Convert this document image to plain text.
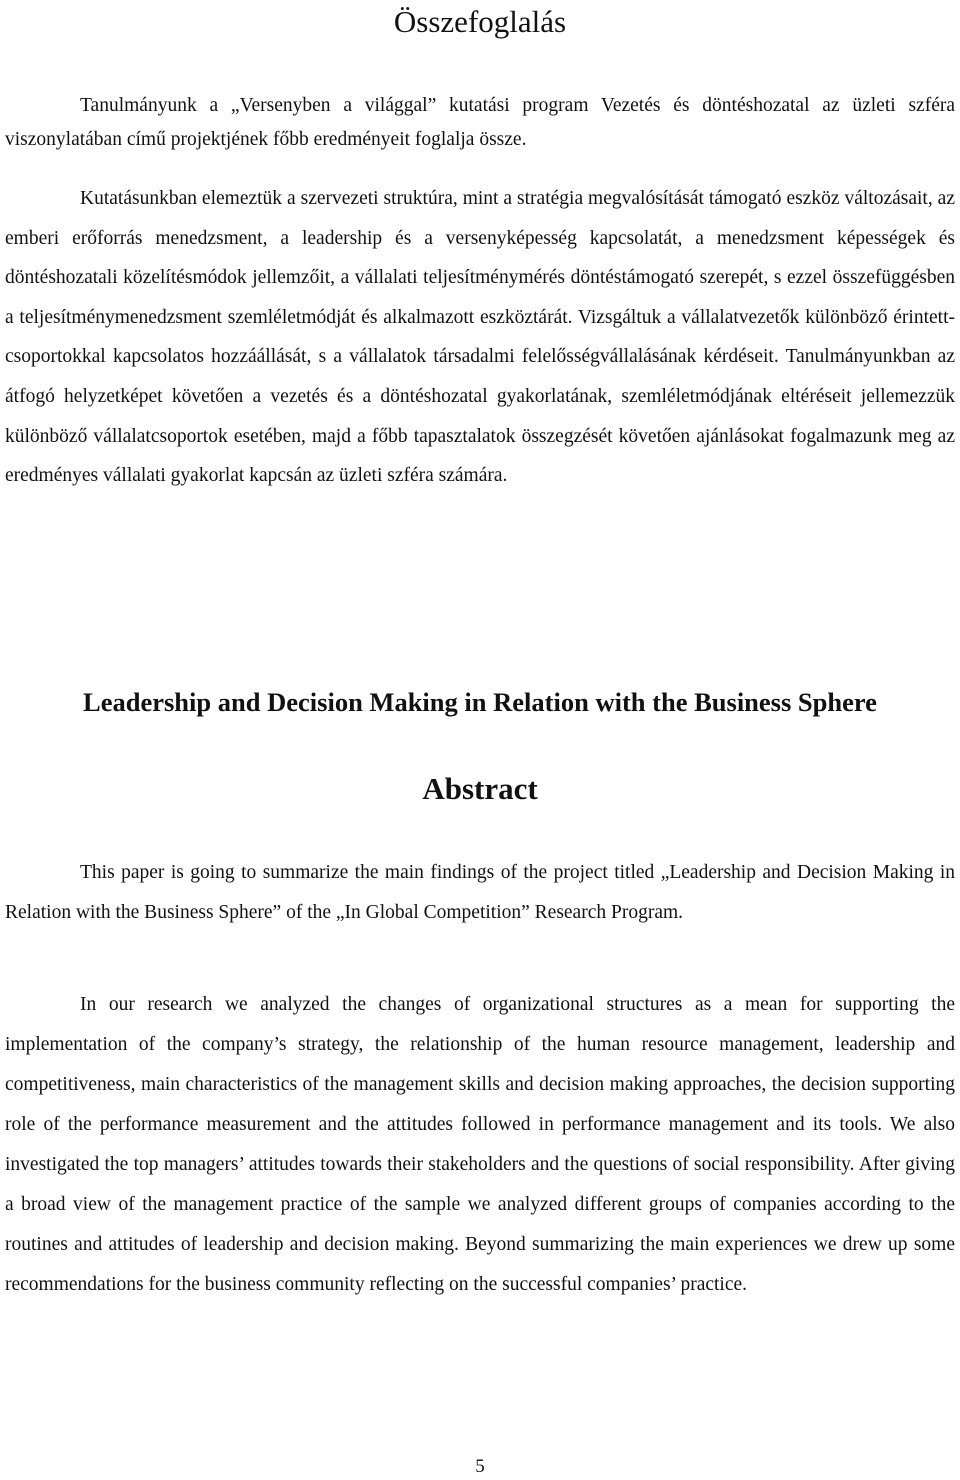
Összefoglalás

Tanulmányunk a „Versenyben a világgal” kutatási program Vezetés és döntéshozatal az üzleti szféra viszonylatában című projektjének főbb eredményeit foglalja össze.

Kutatásunkban elemeztük a szervezeti struktúra, mint a stratégia megvalósítását támogató eszköz változásait, az emberi erőforrás menedzsment, a leadership és a versenyképesség kapcsolatát, a menedzsment képességek és döntéshozatali közelítésmódok jellemzőit, a vállalati teljesítménymérés döntéstámogató szerepét, s ezzel összefüggésben a teljesítménymenedzsment szemléletmódját és alkalmazott eszköztárát. Vizsgáltuk a vállalatvezetők különböző érintett-csoportokkal kapcsolatos hozzáállását, s a vállalatok társadalmi felelősségvállalásának kérdéseit. Tanulmányunkban az átfogó helyzetképet követően a vezetés és a döntéshozatal gyakorlatának, szemléletmódjának eltéréseit jellemezzük különböző vállalatcsoportok esetében, majd a főbb tapasztalatok összegzését követően ajánlásokat fogalmazunk meg az eredményes vállalati gyakorlat kapcsán az üzleti szféra számára.

Leadership and Decision Making in Relation with the Business Sphere
Abstract

This paper is going to summarize the main findings of the project titled „Leadership and Decision Making in Relation with the Business Sphere” of the „In Global Competition” Research Program.

In our research we analyzed the changes of organizational structures as a mean for supporting the implementation of the company’s strategy, the relationship of the human resource management, leadership and competitiveness, main characteristics of the management skills and decision making approaches, the decision supporting role of the performance measurement and the attitudes followed in performance management and its tools. We also investigated the top managers’ attitudes towards their stakeholders and the questions of social responsibility. After giving a broad view of the management practice of the sample we analyzed different groups of companies according to the routines and attitudes of leadership and decision making. Beyond summarizing the main experiences we drew up some recommendations for the business community reflecting on the successful companies’ practice.

5
